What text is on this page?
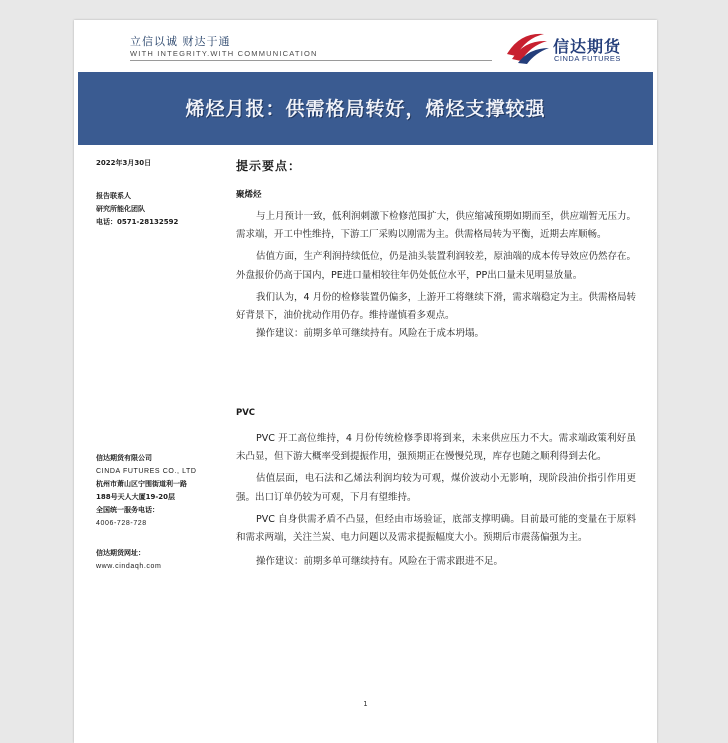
立信以诚 财达于通
WITH INTEGRITY.WITH COMMUNICATION	信达期货
CINDA FUTURES
烯烃月报：供需格局转好，烯烃支撑较强
2022年3月30日
报告联系人
研究所能化团队
电话：0571-28132592
信达期货有限公司
CINDA FUTURES CO., LTD
杭州市萧山区宁围街道利一路
188号天人大厦19-20层
全国统一服务电话：
4006-728-728
信达期货网址：
www.cindaqh.com
提示要点：
聚烯烃

与上月预计一致，低利润刺激下检修范围扩大，供应缩减预期如期而至，供应端暂无压力。需求端，开工中性维持，下游工厂采购以刚需为主。供需格局转为平衡，近期去库顺畅。

估值方面，生产利润持续低位，仍是油头装置利润较差，原油端的成本传导效应仍然存在。外盘报价仍高于国内，PE进口量相较往年仍处低位水平，PP出口量未见明显放量。

我们认为，4 月份的检修装置仍偏多，上游开工将继续下滑，需求端稳定为主。供需格局转好背景下，油价扰动作用仍存。维持谨慎看多观点。

操作建议：前期多单可继续持有。风险在于成本坍塌。

PVC

PVC 开工高位维持，4 月份传统检修季即将到来，未来供应压力不大。需求端政策利好虽未凸显，但下游大概率受到提振作用，强预期正在慢慢兑现，库存也随之顺利得到去化。

估值层面，电石法和乙烯法利润均较为可观，煤价波动小无影响，现阶段油价指引作用更强。出口订单仍较为可观，下月有望维持。

PVC 自身供需矛盾不凸显，但经由市场验证，底部支撑明确。目前最可能的变量在于原料和需求两端，关注兰炭、电力问题以及需求提振幅度大小。预期后市震荡偏强为主。

操作建议：前期多单可继续持有。风险在于需求跟进不足。

1
